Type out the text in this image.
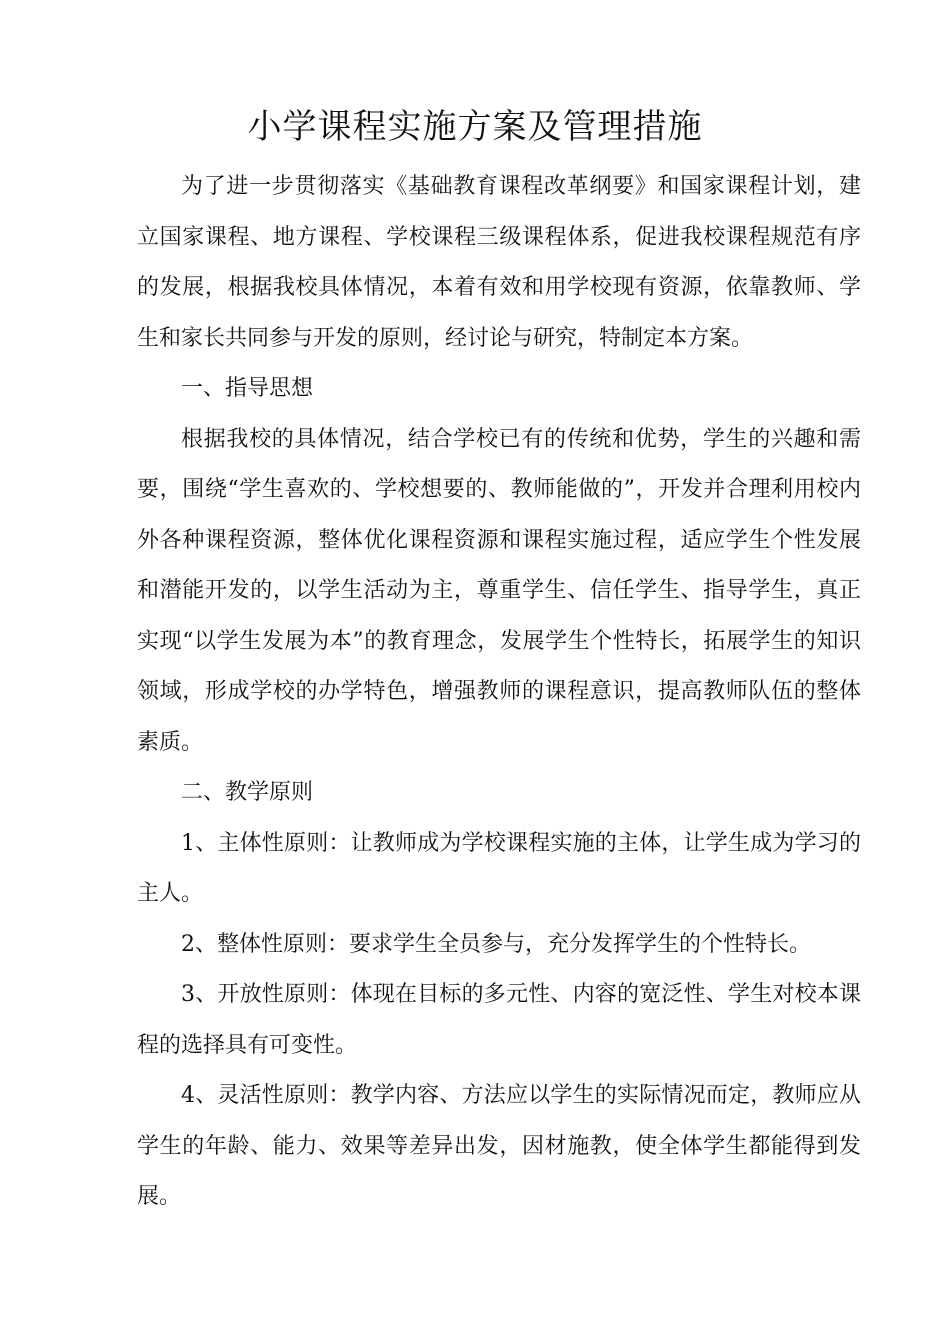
小学课程实施方案及管理措施

为了进一步贯彻落实《基础教育课程改革纲要》和国家课程计划，建立国家课程、地方课程、学校课程三级课程体系，促进我校课程规范有序的发展，根据我校具体情况，本着有效和用学校现有资源，依靠教师、学生和家长共同参与开发的原则，经讨论与研究，特制定本方案。

一、指导思想

根据我校的具体情况，结合学校已有的传统和优势，学生的兴趣和需要，围绕“学生喜欢的、学校想要的、教师能做的”，开发并合理利用校内外各种课程资源，整体优化课程资源和课程实施过程，适应学生个性发展和潜能开发的，以学生活动为主，尊重学生、信任学生、指导学生，真正实现“以学生发展为本”的教育理念，发展学生个性特长，拓展学生的知识领域，形成学校的办学特色，增强教师的课程意识，提高教师队伍的整体素质。

二、教学原则

1、主体性原则：让教师成为学校课程实施的主体，让学生成为学习的主人。

2、整体性原则：要求学生全员参与，充分发挥学生的个性特长。

3、开放性原则：体现在目标的多元性、内容的宽泛性、学生对校本课程的选择具有可变性。

4、灵活性原则：教学内容、方法应以学生的实际情况而定，教师应从学生的年龄、能力、效果等差异出发，因材施教，使全体学生都能得到发展。
